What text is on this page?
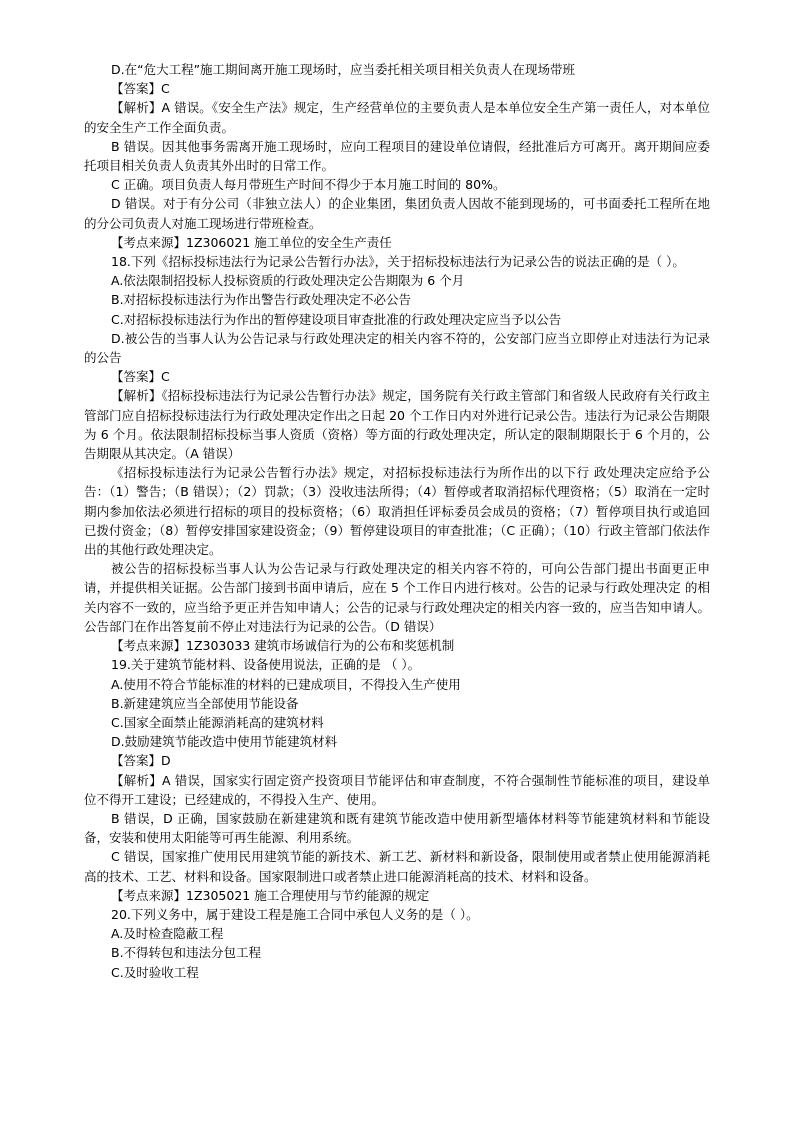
D.在“危大工程”施工期间离开施工现场时，应当委托相关项目相关负责人在现场带班

【答案】C

【解析】A 错误。《安全生产法》规定，生产经营单位的主要负责人是本单位安全生产第一责任人，对本单位的安全生产工作全面负责。

B 错误。因其他事务需离开施工现场时，应向工程项目的建设单位请假，经批准后方可离开。离开期间应委托项目相关负责人负责其外出时的日常工作。

C 正确。项目负责人每月带班生产时间不得少于本月施工时间的 80%。

D 错误。对于有分公司（非独立法人）的企业集团，集团负责人因故不能到现场的，可书面委托工程所在地的分公司负责人对施工现场进行带班检查。

【考点来源】1Z306021 施工单位的安全生产责任

18.下列《招标投标违法行为记录公告暂行办法》，关于招标投标违法行为记录公告的说法正确的是（ ）。

A.依法限制招投标人投标资质的行政处理决定公告期限为 6 个月

B.对招标投标违法行为作出警告行政处理决定不必公告

C.对招标投标违法行为作出的暂停建设项目审查批准的行政处理决定应当予以公告

D.被公告的当事人认为公告记录与行政处理决定的相关内容不符的，公安部门应当立即停止对违法行为记录的公告

【答案】C

【解析】《招标投标违法行为记录公告暂行办法》规定，国务院有关行政主管部门和省级人民政府有关行政主管部门应自招标投标违法行为行政处理决定作出之日起 20 个工作日内对外进行记录公告。违法行为记录公告期限为 6 个月。依法限制招标投标当事人资质（资格）等方面的行政处理决定，所认定的限制期限长于 6 个月的，公告期限从其决定。（A 错误）

《招标投标违法行为记录公告暂行办法》规定，对招标投标违法行为所作出的以下行 政处理决定应给予公告：（1）警告；（B 错误）；（2）罚款；（3）没收违法所得；（4）暂停或者取消招标代理资格；（5）取消在一定时期内参加依法必须进行招标的项目的投标资格；（6）取消担任评标委员会成员的资格；（7）暂停项目执行或追回已拨付资金；（8）暂停安排国家建设资金；（9）暂停建设项目的审查批准；（C 正确）；（10）行政主管部门依法作出的其他行政处理决定。

被公告的招标投标当事人认为公告记录与行政处理决定的相关内容不符的，可向公告部门提出书面更正申请，并提供相关证据。公告部门接到书面申请后，应在 5 个工作日内进行核对。公告的记录与行政处理决定 的相关内容不一致的，应当给予更正并告知申请人；公告的记录与行政处理决定的相关内容一致的，应当告知申请人。公告部门在作出答复前不停止对违法行为记录的公告。（D 错误）

【考点来源】1Z303033 建筑市场诚信行为的公布和奖惩机制

19.关于建筑节能材料、设备使用说法，正确的是 （ ）。

A.使用不符合节能标准的材料的已建成项目，不得投入生产使用

B.新建建筑应当全部使用节能设备

C.国家全面禁止能源消耗高的建筑材料

D.鼓励建筑节能改造中使用节能建筑材料

【答案】D

【解析】A 错误，国家实行固定资产投资项目节能评估和审查制度，不符合强制性节能标准的项目，建设单位不得开工建设；已经建成的，不得投入生产、使用。

B 错误，D 正确，国家鼓励在新建建筑和既有建筑节能改造中使用新型墙体材料等节能建筑材料和节能设备，安装和使用太阳能等可再生能源、利用系统。

C 错误，国家推广使用民用建筑节能的新技术、新工艺、新材料和新设备，限制使用或者禁止使用能源消耗高的技术、工艺、材料和设备。国家限制进口或者禁止进口能源消耗高的技术、材料和设备。

【考点来源】1Z305021 施工合理使用与节约能源的规定

20.下列义务中，属于建设工程是施工合同中承包人义务的是（ ）。

A.及时检查隐蔽工程

B.不得转包和违法分包工程

C.及时验收工程
